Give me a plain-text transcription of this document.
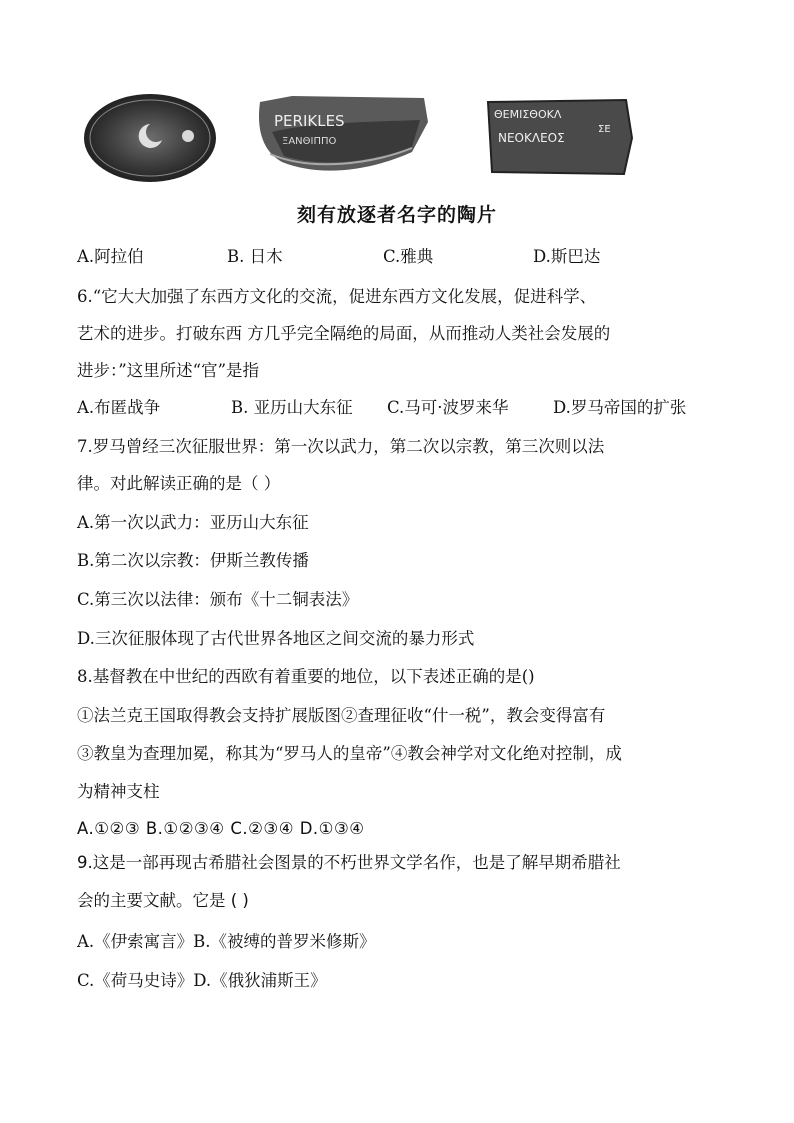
PERIKLES
ΞΑΝΘΙΠΠΟ
ΘΕΜΙΣΘΟΚΛ
ΣΕ
ΝΕΟΚΛΕΟΣ
刻有放逐者名字的陶片
A.阿拉伯	B. 日木	C.雅典	D.斯巴达
6.“它大大加强了东西方文化的交流，促进东西方文化发展，促进科学、
艺术的进步。打破东西 方几乎完全隔绝的局面，从而推动人类社会发展的
进步：”这里所述“官”是指
A.布匿战争	B. 亚历山大东征 C.马可·波罗来华	D.罗马帝国的扩张
7.罗马曾经三次征服世界：第一次以武力，第二次以宗教，第三次则以法
律。对此解读正确的是（ ）
A.第一次以武力：亚历山大东征
B.第二次以宗教：伊斯兰教传播
C.第三次以法律：颁布《十二铜表法》
D.三次征服体现了古代世界各地区之间交流的暴力形式
8.基督教在中世纪的西欧有着重要的地位，以下表述正确的是()
①法兰克王国取得教会支持扩展版图②查理征收“什一税”，教会变得富有
③教皇为查理加冕，称其为“罗马人的皇帝”④教会神学对文化绝对控制，成
为精神支柱
A.①②③ B.①②③④ C.②③④ D.①③④
9.这是一部再现古希腊社会图景的不朽世界文学名作，也是了解早期希腊社
会的主要文献。它是 ( )
A.《伊索寓言》B.《被缚的普罗米修斯》
C.《荷马史诗》D.《俄狄浦斯王》
